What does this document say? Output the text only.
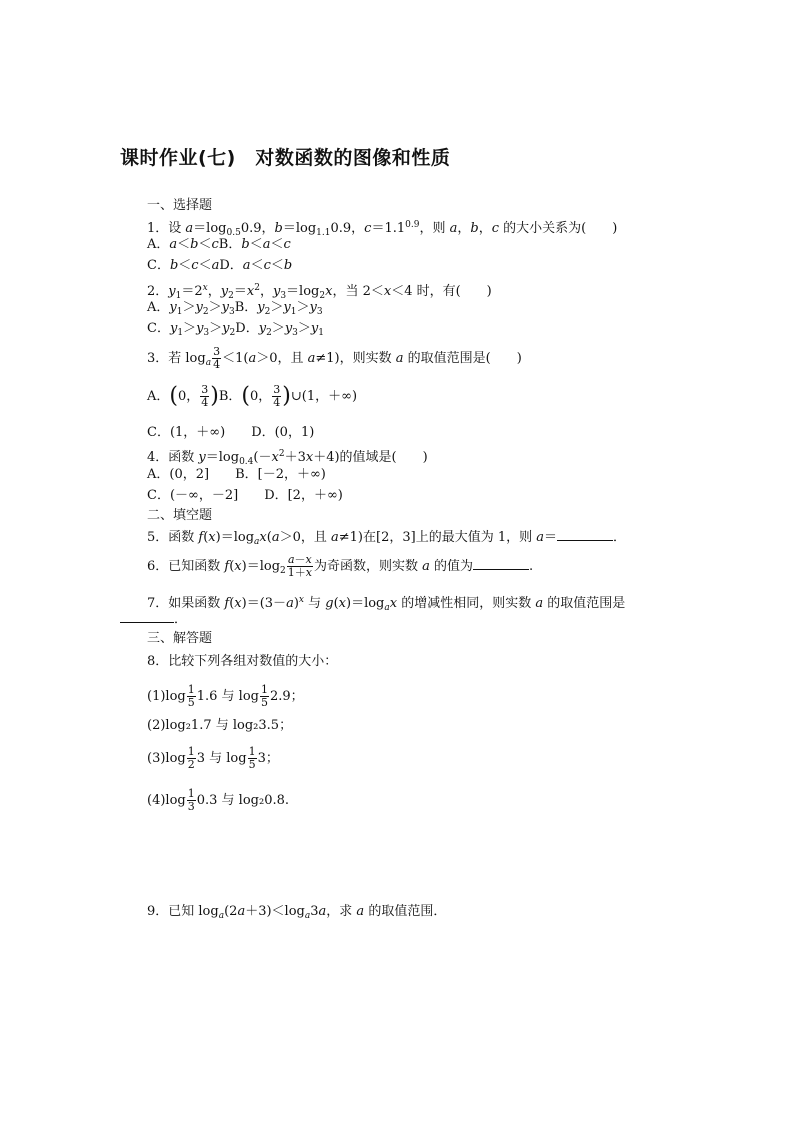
课时作业(七)　对数函数的图像和性质
一、选择题
1．设 $a=\log_{0.5}0.9$，$b=\log_{1.1}0.9$，$c=1.1^{0.9}$，则 a，b，c 的大小关系为(　　)
A．a＜b＜cB．b＜a＜c
C．b＜c＜aD．a＜c＜b
2．$y_1=2^x$，$y_2=x^2$，$y_3=\log_2x$，当 2＜x＜4 时，有(　　)
A．$y_1>y_2>y_3B$．$y_2>y_1>y_3$
C．$y_1>y_3>y_2D$．$y_2>y_3>y_1$
3．若 $\log_a \frac{3}{4} <1(a>0$，且 a≠1)，则实数 a 的取值范围是(　　)
A．(0， $\frac{3}{4} )B$．(0， $\frac{3}{4}$ )∪(1，＋∞)
C．(1，＋∞)　　D．(0，1)
4．函数 $y=\log_{0.4}(-x^2+3x+4)$的值域是(　　)
A．(0，2]　　B．[－2，＋∞)
C．(－∞，－2]　　D．[2，＋∞)
二、填空题
5．函数 $f(x)=\log_ax(a>0$，且 a≠1)在[2，3]上的最大值为 1，则 a＝	．
6．已知函数 $f(x)=\log_2 \frac{a-x}{1+x}$ 为奇函数，则实数 a 的值为	.
7．如果函数 $f(x)=(3-a)^x$ 与 $g(x)=\log_ax$ 的增减性相同，则实数 a 的取值范围是
．
三、解答题
8．比较下列各组对数值的大小：
$(1)\log \frac{1}{5} 1.6$ 与 $\log \frac{1}{5} 2.9$；
(2)log₂1.7 与 log₂3.5；
$(3)\log \frac{1}{2} 3$ 与 $\log \frac{1}{5} 3$；
$(4)\log \frac{1}{3} 0.3$ 与 log₂0.8.
9．已知 $\log_a(2a+3)<\log_a3a$，求 a 的取值范围．
